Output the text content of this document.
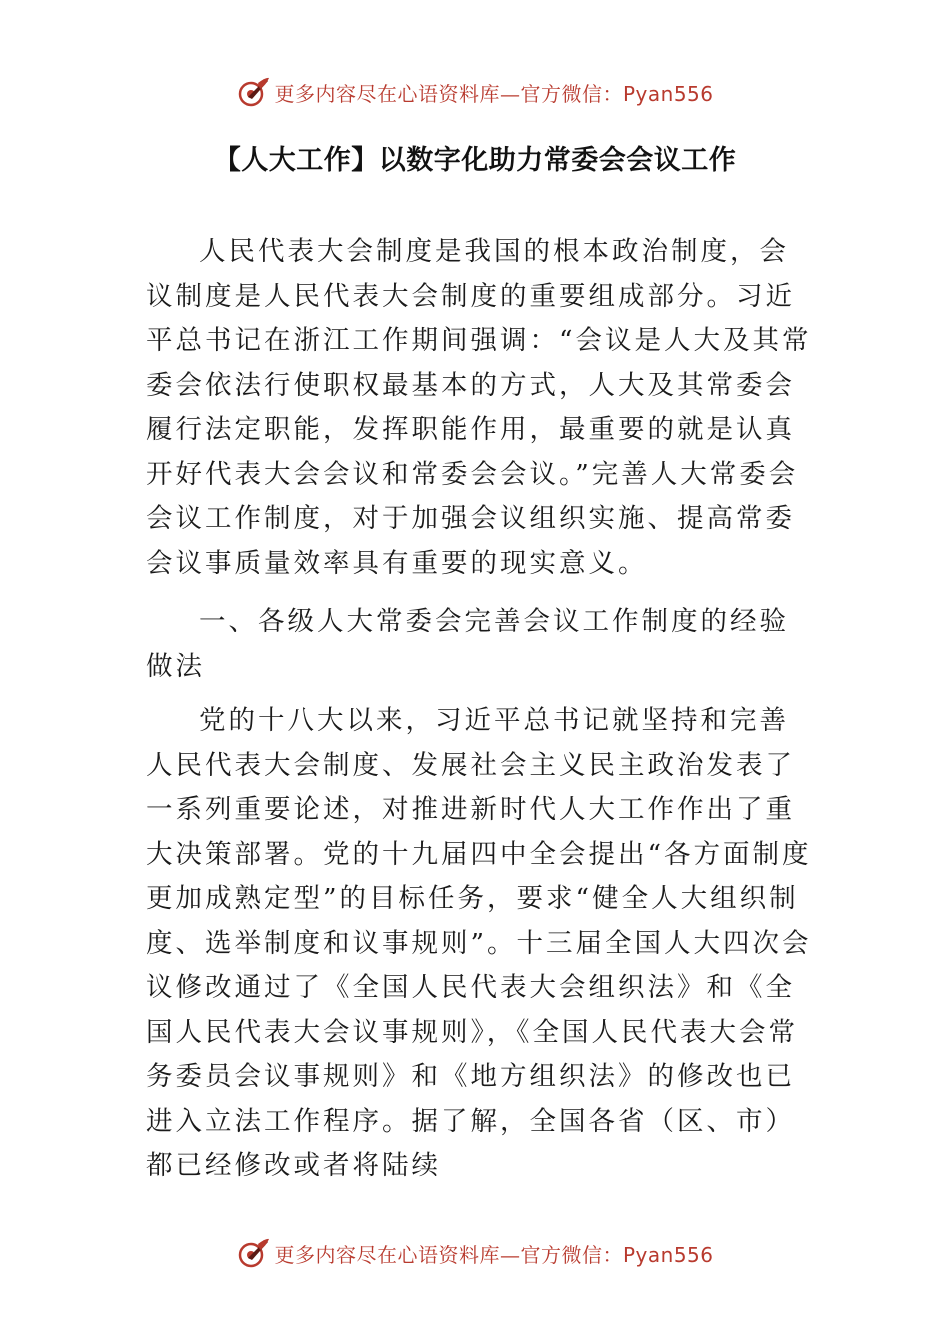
更多内容尽在心语资料库—官方微信：Pyan556
【人大工作】以数字化助力常委会会议工作

人民代表大会制度是我国的根本政治制度，会议制度是人民代表大会制度的重要组成部分。习近平总书记在浙江工作期间强调：“会议是人大及其常委会依法行使职权最基本的方式，人大及其常委会履行法定职能，发挥职能作用，最重要的就是认真开好代表大会会议和常委会会议。”完善人大常委会会议工作制度，对于加强会议组织实施、提高常委会议事质量效率具有重要的现实意义。

一、各级人大常委会完善会议工作制度的经验做法

党的十八大以来，习近平总书记就坚持和完善人民代表大会制度、发展社会主义民主政治发表了一系列重要论述，对推进新时代人大工作作出了重大决策部署。党的十九届四中全会提出“各方面制度更加成熟定型”的目标任务，要求“健全人大组织制度、选举制度和议事规则”。十三届全国人大四次会议修改通过了《全国人民代表大会组织法》和《全国人民代表大会议事规则》，《全国人民代表大会常务委员会议事规则》和《地方组织法》的修改也已进入立法工作程序。据了解，全国各省（区、市）都已经修改或者将陆续

更多内容尽在心语资料库—官方微信：Pyan556
